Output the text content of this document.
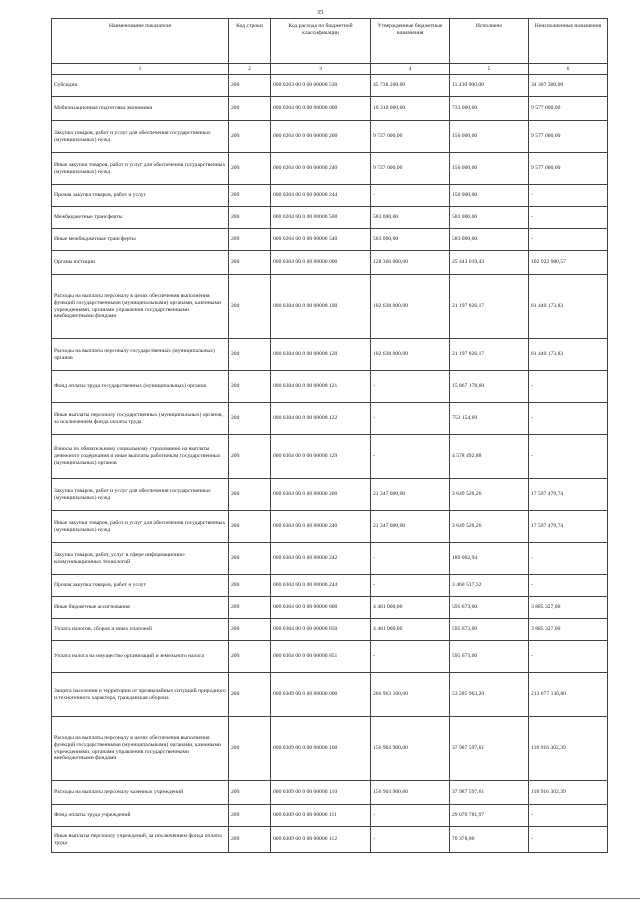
35
Наименование показателя	Код строки	Код расхода по бюджетной классификации	Утвержденные бюджетные назначения	Исполнено	Неисполненные назначения
1	2	3	4	5	6
Субсидии	200	000 0203 00 0 00 00000 530	45 738 200,00	11 430 900,00	34 307 300,00
Мобилизационная подготовка экономики	200	000 0204 00 0 00 00000 000	10 310 000,00	733 000,00	9 577 000,00
Закупка товаров, работ и услуг для обеспечения государственных (муниципальных) нужд	200	000 0204 00 0 00 00000 200	9 727 000,00	150 000,00	9 577 000,00
Иные закупки товаров, работ и услуг для обеспечения государственных (муниципальных) нужд	200	000 0204 00 0 00 00000 240	9 727 000,00	150 000,00	9 577 000,00
Прочая закупка товаров, работ и услуг	200	000 0204 00 0 00 00000 244	-	150 000,00	-
Межбюджетные трансферты	200	000 0204 00 0 00 00000 500	583 000,00	583 000,00	-
Иные межбюджетные трансферты	200	000 0204 00 0 00 00000 540	583 000,00	583 000,00	-
Органы юстиции	200	000 0304 00 0 00 00000 000	128 366 000,00	25 443 019,43	102 922 980,57
Расходы на выплаты персоналу в целях обеспечения выполнения функций государственными (муниципальными) органами, казенными учреждениями, органами управления государственными внебюджетными фондами	200	000 0304 00 0 00 00000 100	102 638 000,00	21 197 826,17	81 440 173,83
Расходы на выплаты персоналу государственных (муниципальных) органов	200	000 0304 00 0 00 00000 120	102 638 000,00	21 197 826,17	81 440 173,83
Фонд оплаты труда государственных (муниципальных) органов	200	000 0304 00 0 00 00000 121	-	15 867 178,60	-
Иные выплаты персоналу государственных (муниципальных) органов, за исключением фонда оплаты труда	200	000 0304 00 0 00 00000 122	-	752 154,69	-
Взносы по обязательному социальному страхованию на выплаты денежного содержания и иные выплаты работникам государственных (муниципальных) органов	200	000 0304 00 0 00 00000 129	-	4 578 492,88	-
Закупка товаров, работ и услуг для обеспечения государственных (муниципальных) нужд	200	000 0304 00 0 00 00000 200	21 247 000,00	3 649 520,26	17 597 479,74
Иные закупки товаров, работ и услуг для обеспечения государственных (муниципальных) нужд	200	000 0304 00 0 00 00000 240	21 247 000,00	3 649 520,26	17 597 479,74
Закупка товаров, работ, услуг в сфере информационно-коммуникационных технологий	200	000 0304 00 0 00 00000 242	-	189 002,94	-
Прочая закупка товаров, работ и услуг	200	000 0304 00 0 00 00000 244	-	3 460 517,32	-
Иные бюджетные ассигнования	200	000 0304 00 0 00 00000 800	4 481 000,00	595 673,00	3 885 327,00
Уплата налогов, сборов и иных платежей	200	000 0304 00 0 00 00000 850	4 481 000,00	595 673,00	3 885 327,00
Уплата налога на имущество организаций и земельного налога	200	000 0304 00 0 00 00000 851	-	595 673,00	-
Защита населения и территории от чрезвычайных ситуаций природного и техногенного характера, гражданская оборона	200	000 0309 00 0 00 00000 000	266 963 100,00	53 285 963,20	213 677 136,80
Расходы на выплаты персоналу в целях обеспечения выполнения функций государственными (муниципальными) органами, казенными учреждениями, органами управления государственными внебюджетными фондами	200	000 0309 00 0 00 00000 100	156 903 900,00	37 987 597,61	118 916 302,39
Расходы на выплаты персоналу казенных учреждений	200	000 0309 00 0 00 00000 110	156 903 900,00	37 987 597,61	118 916 302,39
Фонд оплаты труда учреждений	200	000 0309 00 0 00 00000 111	-	29 070 781,97	-
Иные выплаты персоналу учреждений, за исключением фонда оплаты труда	200	000 0309 00 0 00 00000 112	-	70 378,00	-
